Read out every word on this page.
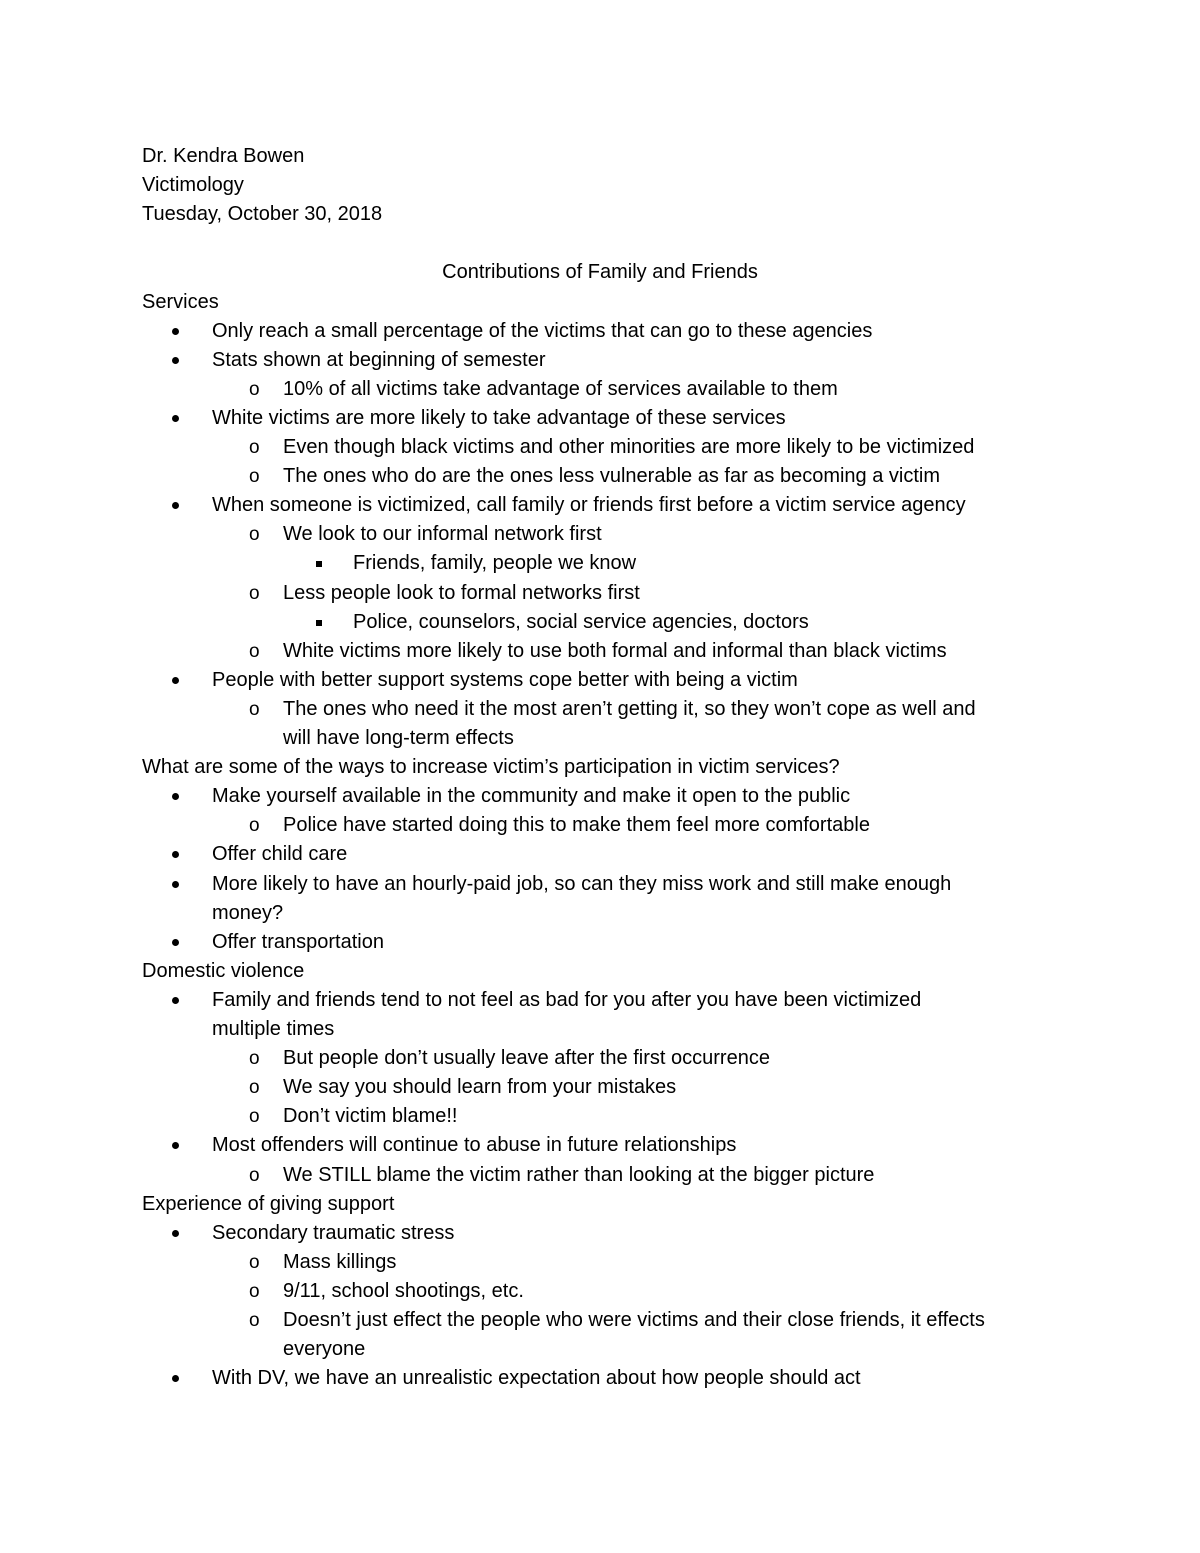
Dr. Kendra Bowen
Victimology
Tuesday, October 30, 2018
Contributions of Family and Friends
Services
Only reach a small percentage of the victims that can go to these agencies
Stats shown at beginning of semester
o 10% of all victims take advantage of services available to them
White victims are more likely to take advantage of these services
o Even though black victims and other minorities are more likely to be victimized
o The ones who do are the ones less vulnerable as far as becoming a victim
When someone is victimized, call family or friends first before a victim service agency
o We look to our informal network first
Friends, family, people we know
o Less people look to formal networks first
Police, counselors, social service agencies, doctors
o White victims more likely to use both formal and informal than black victims
People with better support systems cope better with being a victim
o The ones who need it the most aren’t getting it, so they won’t cope as well and
will have long-term effects
What are some of the ways to increase victim’s participation in victim services?
Make yourself available in the community and make it open to the public
o Police have started doing this to make them feel more comfortable
Offer child care
More likely to have an hourly-paid job, so can they miss work and still make enough
money?
Offer transportation
Domestic violence
Family and friends tend to not feel as bad for you after you have been victimized
multiple times
o But people don’t usually leave after the first occurrence
o We say you should learn from your mistakes
o Don’t victim blame!!
Most offenders will continue to abuse in future relationships
o We STILL blame the victim rather than looking at the bigger picture
Experience of giving support
Secondary traumatic stress
o Mass killings
o 9/11, school shootings, etc.
o Doesn’t just effect the people who were victims and their close friends, it effects
everyone
With DV, we have an unrealistic expectation about how people should act
